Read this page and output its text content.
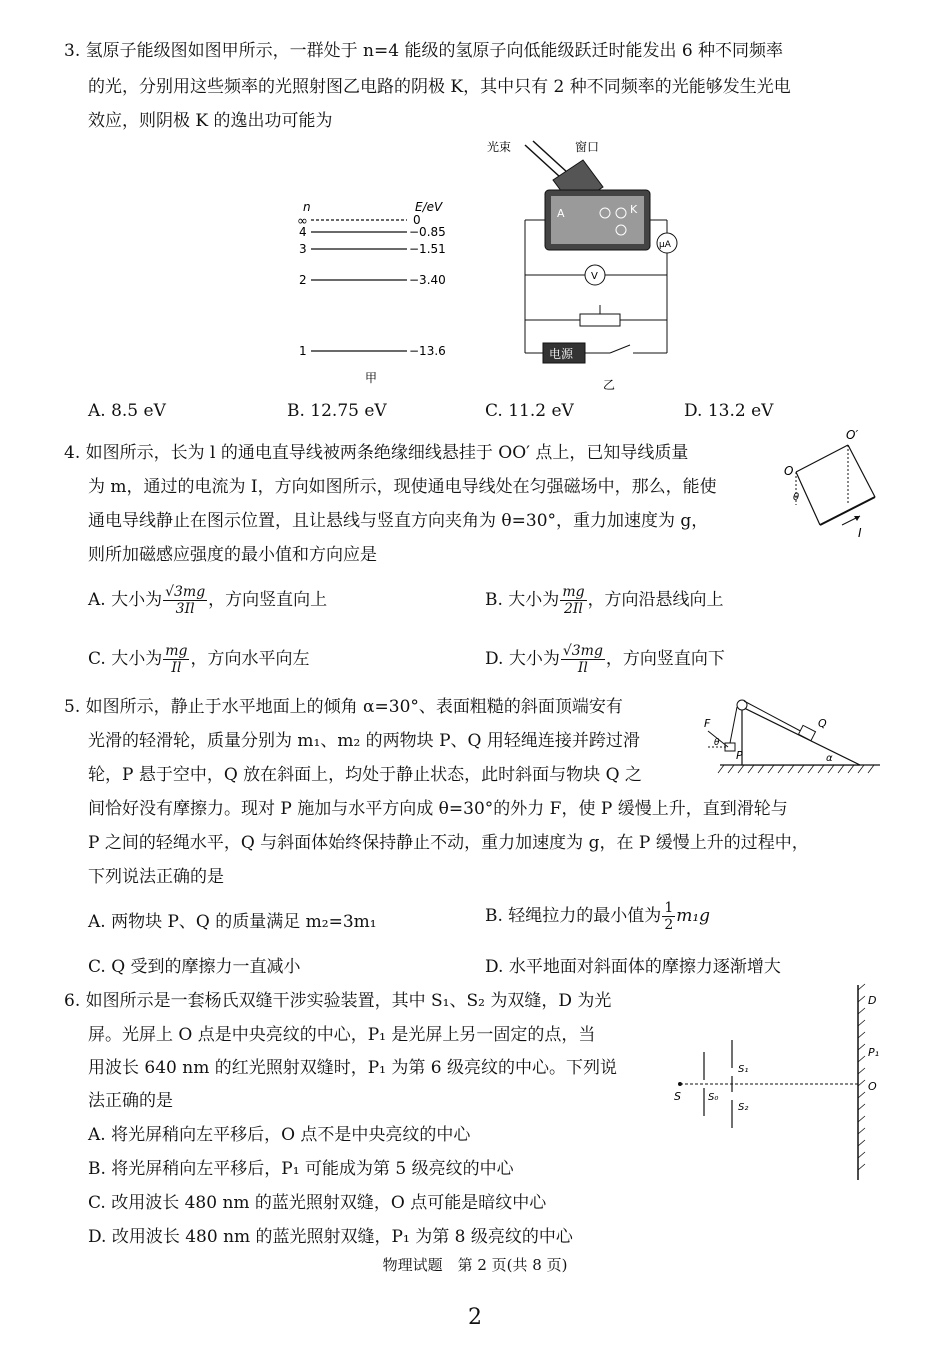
3. 氢原子能级图如图甲所示，一群处于 n=4 能级的氢原子向低能级跃迁时能发出 6 种不同频率
的光，分别用这些频率的光照射图乙电路的阴极 K，其中只有 2 种不同频率的光能够发生光电
效应，则阴极 K 的逸出功可能为
n	E/eV
∞	0
4	−0.85
3	−1.51
2	−3.40
1	−13.6
甲
光束	窗口
A	K
μA
V
电源
乙
A. 8.5 eV	B. 12.75 eV	C. 11.2 eV	D. 13.2 eV
4. 如图所示，长为 l 的通电直导线被两条绝缘细线悬挂于 OO′ 点上，已知导线质量
为 m，通过的电流为 I，方向如图所示，现使通电导线处在匀强磁场中，那么，能使
通电导线静止在图示位置，且让悬线与竖直方向夹角为 θ=30°，重力加速度为 g，
则所加磁感应强度的最小值和方向应是
O
O′
θ
I
A. 大小为 $\frac{√3mg}{3Il}$ ，方向竖直向上	B. 大小为 $\frac{mg}{2Il}$ ，方向沿悬线向上
C. 大小为 $\frac{mg}{Il}$ ，方向水平向左	D. 大小为 $\frac{√3mg}{Il}$ ，方向竖直向下
5. 如图所示，静止于水平地面上的倾角 α=30°、表面粗糙的斜面顶端安有
光滑的轻滑轮，质量分别为 m₁、m₂ 的两物块 P、Q 用轻绳连接并跨过滑
轮，P 悬于空中，Q 放在斜面上，均处于静止状态，此时斜面与物块 Q 之
间恰好没有摩擦力。现对 P 施加与水平方向成 θ=30°的外力 F，使 P 缓慢上升，直到滑轮与
P 之间的轻绳水平，Q 与斜面体始终保持静止不动，重力加速度为 g，在 P 缓慢上升的过程中，
下列说法正确的是
Q
P
F
θ
α
A. 两物块 P、Q 的质量满足 m₂=3m₁	B. 轻绳拉力的最小值为 $\frac{1}{2} m_1g$
C. Q 受到的摩擦力一直减小	D. 水平地面对斜面体的摩擦力逐渐增大
6. 如图所示是一套杨氏双缝干涉实验装置，其中 S₁、S₂ 为双缝，D 为光
屏。光屏上 O 点是中央亮纹的中心，P₁ 是光屏上另一固定的点，当
用波长 640 nm 的红光照射双缝时，P₁ 为第 6 级亮纹的中心。下列说
法正确的是
A. 将光屏稍向左平移后，O 点不是中央亮纹的中心
B. 将光屏稍向左平移后，P₁ 可能成为第 5 级亮纹的中心
C. 改用波长 480 nm 的蓝光照射双缝，O 点可能是暗纹中心
D. 改用波长 480 nm 的蓝光照射双缝，P₁ 为第 8 级亮纹的中心
D
P₁
O
S	S₀
S₁
S₂
物理试题　第 2 页(共 8 页)
2
